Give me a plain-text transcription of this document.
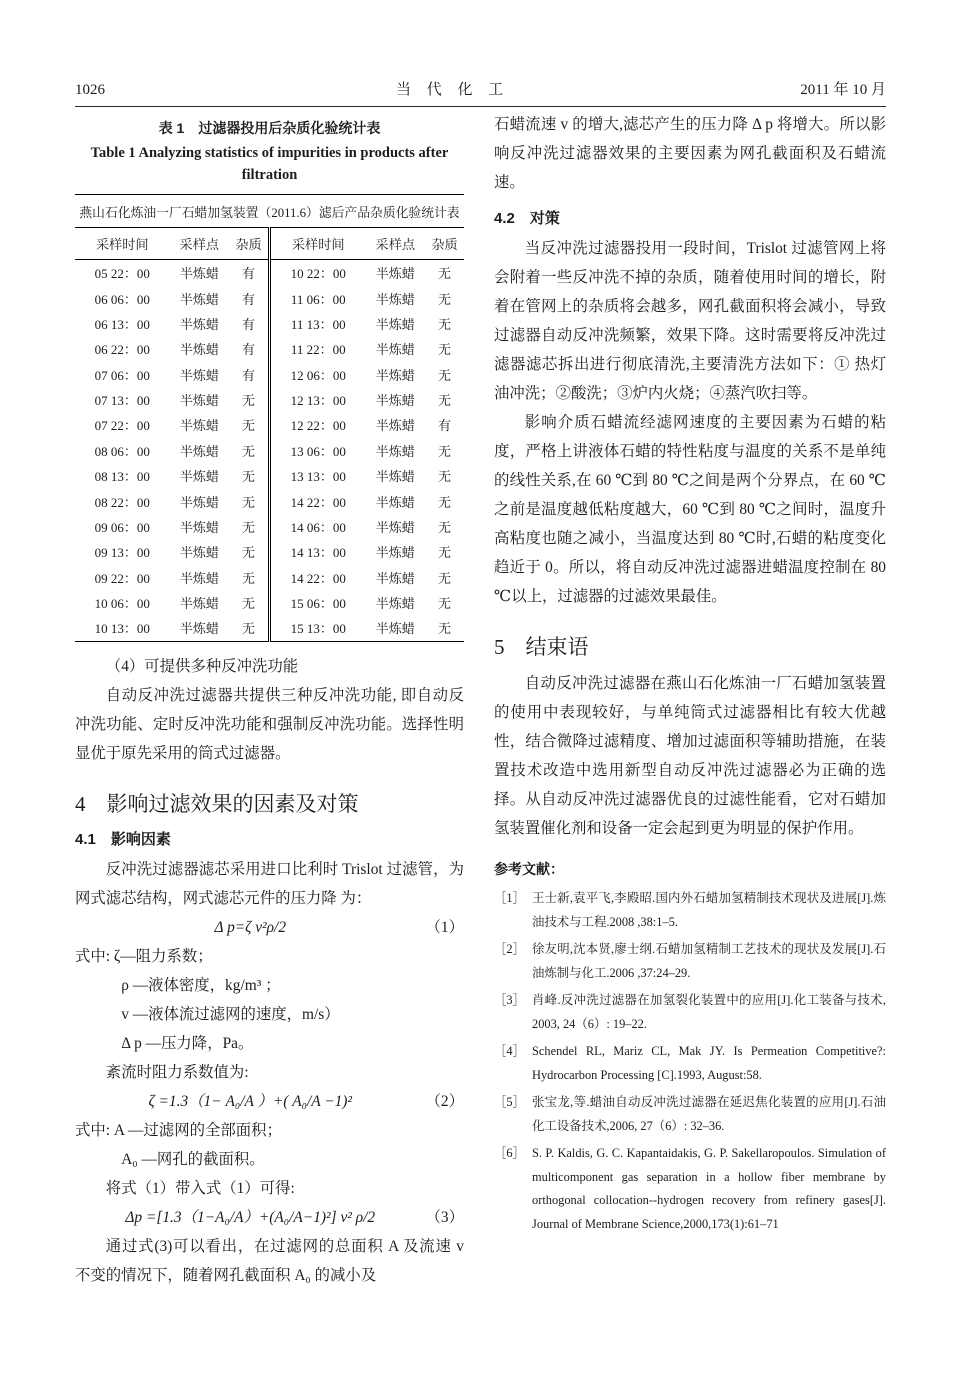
1026	当 代 化 工	2011 年 10 月
表 1　过滤器投用后杂质化验统计表
Table 1 Analyzing statistics of impurities in products after
filtration
燕山石化炼油一厂石蜡加氢装置（2011.6）滤后产品杂质化验统计表					
采样时间	采样点	杂质	采样时间	采样点	杂质
05 22：00	半炼蜡	有	10 22：00	半炼蜡	无
06 06：00	半炼蜡	有	11 06：00	半炼蜡	无
06 13：00	半炼蜡	有	11 13：00	半炼蜡	无
06 22：00	半炼蜡	有	11 22：00	半炼蜡	无
07 06：00	半炼蜡	有	12 06：00	半炼蜡	无
07 13：00	半炼蜡	无	12 13：00	半炼蜡	无
07 22：00	半炼蜡	无	12 22：00	半炼蜡	有
08 06：00	半炼蜡	无	13 06：00	半炼蜡	无
08 13：00	半炼蜡	无	13 13：00	半炼蜡	无
08 22：00	半炼蜡	无	14 22：00	半炼蜡	无
09 06：00	半炼蜡	无	14 06：00	半炼蜡	无
09 13：00	半炼蜡	无	14 13：00	半炼蜡	无
09 22：00	半炼蜡	无	14 22：00	半炼蜡	无
10 06：00	半炼蜡	无	15 06：00	半炼蜡	无
10 13：00	半炼蜡	无	15 13：00	半炼蜡	无

（4）可提供多种反冲洗功能

自动反冲洗过滤器共提供三种反冲洗功能, 即自动反冲洗功能、定时反冲洗功能和强制反冲洗功能。选择性明显优于原先采用的筒式过滤器。

4　影响过滤效果的因素及对策
4.1　影响因素

反冲洗过滤器滤芯采用进口比利时 Trislot 过滤管，为网式滤芯结构，网式滤芯元件的压力降 为：

Δ p=ζ v²ρ/2	（1）
式中: ζ—阻力系数；
ρ —液体密度，kg/m³ ；
v —液体流过滤网的速度，m/s）
Δ p —压力降，Pa。
紊流时阻力系数值为:
ζ =1.3（1− A₀/A ）+( A₀/A −1)²	（2）
式中: A —过滤网的全部面积；
A₀ —网孔的截面积。
将式（1）带入式（1）可得:
Δp =[1.3（1−A₀/A）+(A₀/A−1)²] v² ρ/2	（3）

通过式(3)可以看出，在过滤网的总面积 A 及流速 v 不变的情况下，随着网孔截面积 A₀ 的减小及

石蜡流速 v 的增大,滤芯产生的压力降 Δ p 将增大。所以影响反冲洗过滤器效果的主要因素为网孔截面积及石蜡流速。

4.2　对策

当反冲洗过滤器投用一段时间，Trislot 过滤管网上将会附着一些反冲洗不掉的杂质，随着使用时间的增长，附着在管网上的杂质将会越多，网孔截面积将会减小，导致过滤器自动反冲洗频繁，效果下降。这时需要将反冲洗过滤器滤芯拆出进行彻底清洗,主要清洗方法如下：① 热灯油冲洗；②酸洗；③炉内火烧；④蒸汽吹扫等。

影响介质石蜡流经滤网速度的主要因素为石蜡的粘度，严格上讲液体石蜡的特性粘度与温度的关系不是单纯的线性关系,在 60 ℃到 80 ℃之间是两个分界点，在 60 ℃之前是温度越低粘度越大，60 ℃到 80 ℃之间时，温度升高粘度也随之减小，当温度达到 80 ℃时,石蜡的粘度变化趋近于 0。所以，将自动反冲洗过滤器进蜡温度控制在 80 ℃以上，过滤器的过滤效果最佳。

5　结束语

自动反冲洗过滤器在燕山石化炼油一厂石蜡加氢装置的使用中表现较好，与单纯筒式过滤器相比有较大优越性，结合微降过滤精度、增加过滤面积等辅助措施，在装置技术改造中选用新型自动反冲洗过滤器必为正确的选择。从自动反冲洗过滤器优良的过滤性能看，它对石蜡加氢装置催化剂和设备一定会起到更为明显的保护作用。

参考文献：
［1］ 王士新,袁平飞,李殿昭.国内外石蜡加氢精制技术现状及进展[J].炼油技术与工程.2008 ,38:1–5.
［2］ 徐友明,沈本贤,廖士纲.石蜡加氢精制工艺技术的现状及发展[J].石油炼制与化工.2006 ,37:24–29.
［3］ 肖峰.反冲洗过滤器在加氢裂化装置中的应用[J].化工装备与技术, 2003, 24（6）: 19–22.
［4］ Schendel RL, Mariz CL, Mak JY. Is Permeation Competitive?: Hydrocarbon Processing [C].1993, August:58.
［5］ 张宝龙,等.蜡油自动反冲洗过滤器在延迟焦化装置的应用[J].石油化工设备技术,2006, 27（6）: 32–36.
［6］ S. P. Kaldis, G. C. Kapantaidakis, G. P. Sakellaropoulos. Simulation of multicomponent gas separation in a hollow fiber membrane by orthogonal collocation--hydrogen recovery from refinery gases[J]. Journal of Membrane Science,2000,173(1):61–71
